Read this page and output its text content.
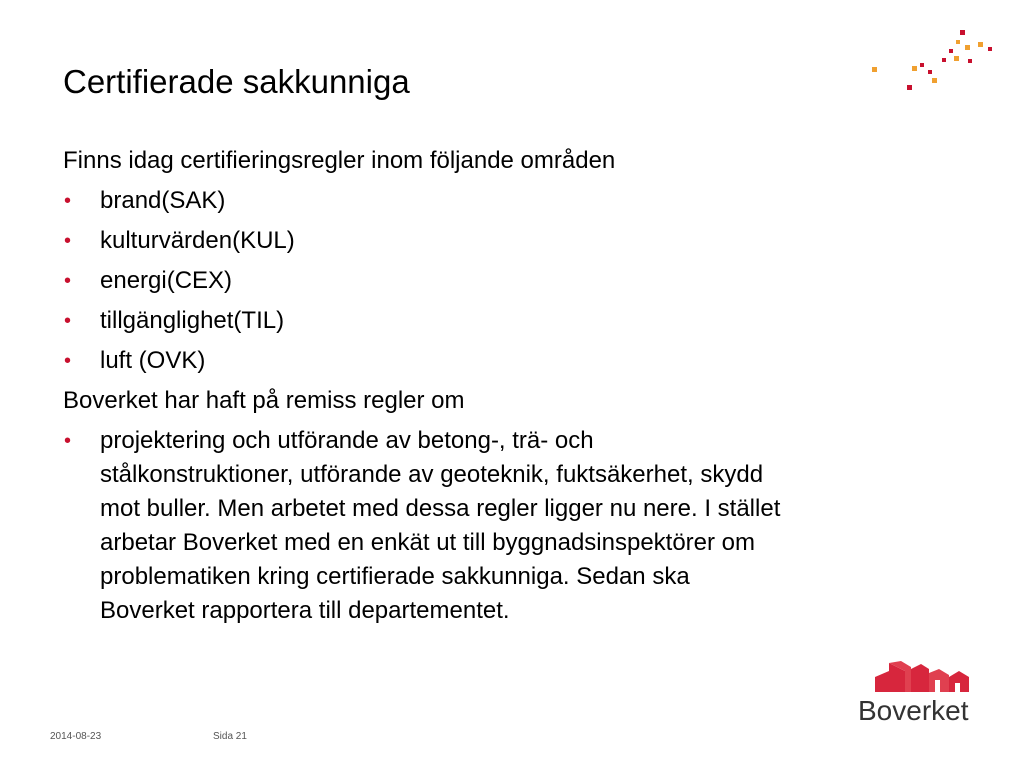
Certifierade sakkunniga

Finns idag certifieringsregler inom följande områden

• brand(SAK)
• kulturvärden(KUL)
• energi(CEX)
• tillgänglighet(TIL)
• luft (OVK)

Boverket har haft på remiss regler om

• projektering och utförande av betong-, trä- och stålkonstruktioner, utförande av geoteknik, fuktsäkerhet, skydd mot buller. Men arbetet med dessa regler ligger nu nere. I stället arbetar Boverket med en enkät ut till byggnadsinspektörer om problematiken kring certifierade sakkunniga. Sedan ska Boverket rapportera till departementet.
Boverket
2014-08-23	Sida 21
